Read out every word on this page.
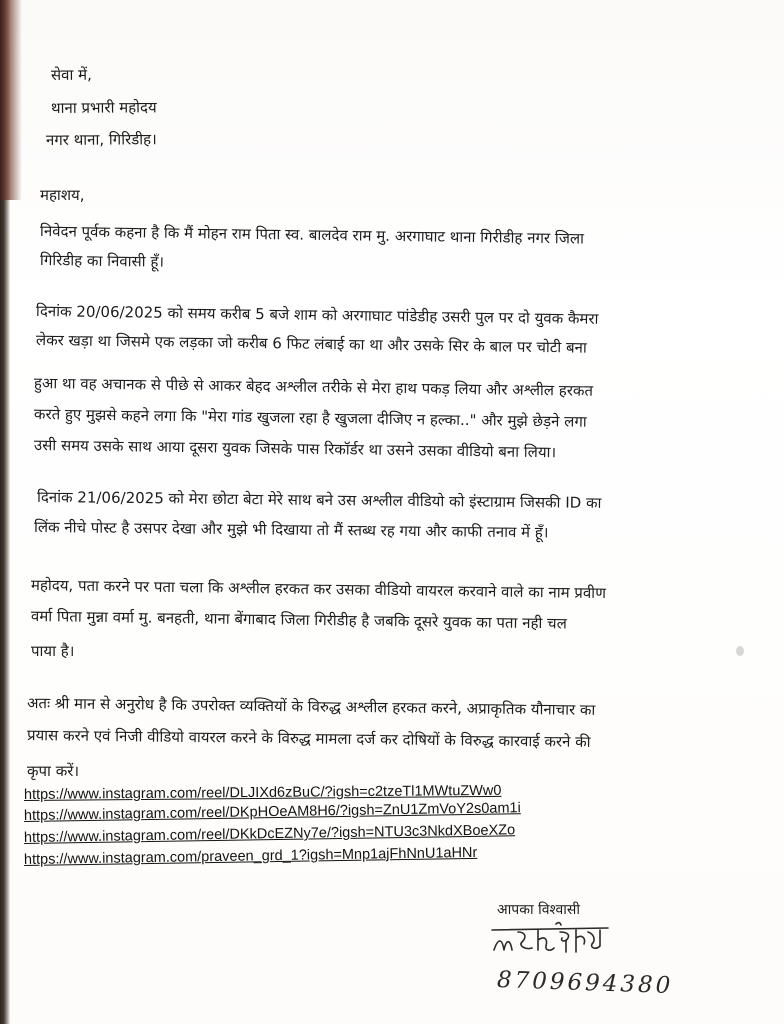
सेवा में,
थाना प्रभारी महोदय
नगर थाना, गिरिडीह।
महाशय,
निवेदन पूर्वक कहना है कि मैं मोहन राम पिता स्व. बालदेव राम मु. अरगाघाट थाना गिरीडीह नगर जिला
गिरिडीह का निवासी हूँ।
दिनांक 20/06/2025 को समय करीब 5 बजे शाम को अरगाघाट पांडेडीह उसरी पुल पर दो युवक कैमरा
लेकर खड़ा था जिसमे एक लड़का जो करीब 6 फिट लंबाई का था और उसके सिर के बाल पर चोटी बना
हुआ था वह अचानक से पीछे से आकर बेहद अश्लील तरीके से मेरा हाथ पकड़ लिया और अश्लील हरकत
करते हुए मुझसे कहने लगा कि "मेरा गांड खुजला रहा है खुजला दीजिए न हल्का.." और मुझे छेड़ने लगा
उसी समय उसके साथ आया दूसरा युवक जिसके पास रिकॉर्डर था उसने उसका वीडियो बना लिया।
दिनांक 21/06/2025 को मेरा छोटा बेटा मेरे साथ बने उस अश्लील वीडियो को इंस्टाग्राम जिसकी ID का
लिंक नीचे पोस्ट है उसपर देखा और मुझे भी दिखाया तो मैं स्तब्ध रह गया और काफी तनाव में हूँ।
महोदय, पता करने पर पता चला कि अश्लील हरकत कर उसका वीडियो वायरल करवाने वाले का नाम प्रवीण
वर्मा पिता मुन्ना वर्मा मु. बनहती, थाना बेंगाबाद जिला गिरीडीह है जबकि दूसरे युवक का पता नही चल
पाया है।
अतः श्री मान से अनुरोध है कि उपरोक्त व्यक्तियों के विरुद्ध अश्लील हरकत करने, अप्राकृतिक यौनाचार का
प्रयास करने एवं निजी वीडियो वायरल करने के विरुद्ध मामला दर्ज कर दोषियों के विरुद्ध कारवाई करने की
कृपा करें।
https://www.instagram.com/reel/DLJIXd6zBuC/?igsh=c2tzeTl1MWtuZWw0
https://www.instagram.com/reel/DKpHOeAM8H6/?igsh=ZnU1ZmVoY2s0am1i
https://www.instagram.com/reel/DKkDcEZNy7e/?igsh=NTU3c3NkdXBoeXZo
https://www.instagram.com/praveen_grd_1?igsh=Mnp1ajFhNnU1aHNr
आपका विश्वासी
8709694380
